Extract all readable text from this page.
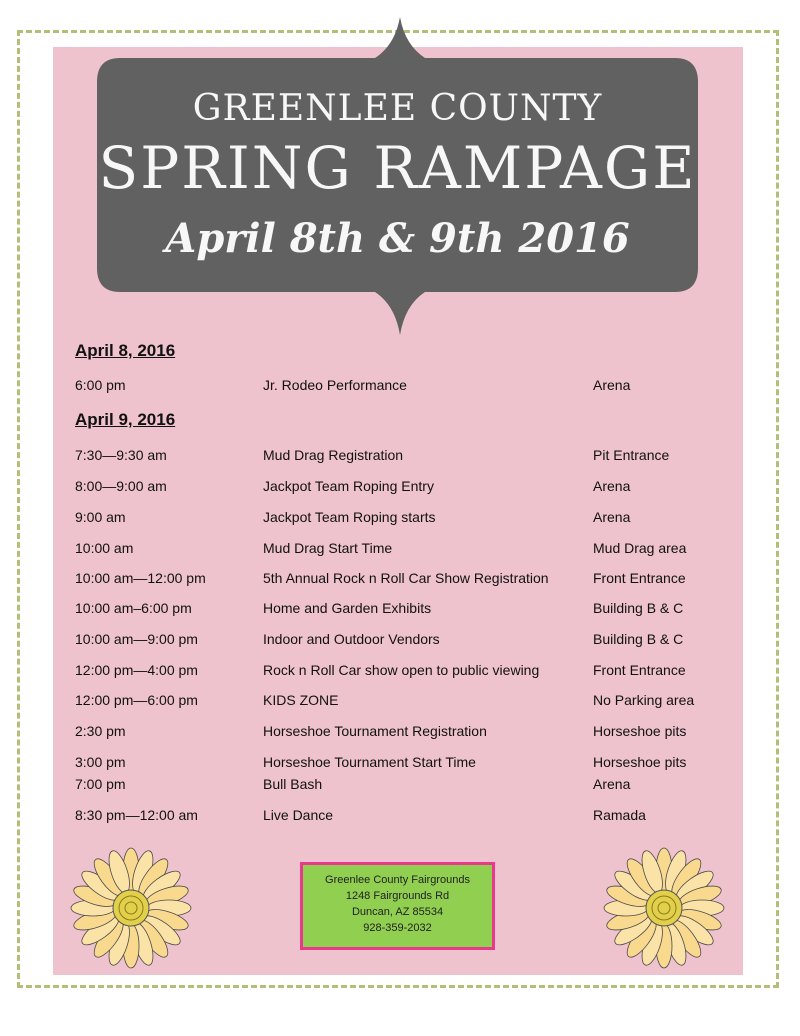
GREENLEE COUNTY
SPRING RAMPAGE
April 8th & 9th 2016
April 8, 2016
6:00 pm	Jr. Rodeo Performance	Arena
April 9, 2016
7:30—9:30 am	Mud Drag Registration	Pit Entrance
8:00—9:00 am	Jackpot Team Roping Entry	Arena
9:00 am	Jackpot Team Roping starts	Arena
10:00 am	Mud Drag Start Time	Mud Drag area
10:00 am—12:00 pm	5th Annual Rock n Roll Car Show Registration	Front Entrance
10:00 am–6:00 pm	Home and Garden Exhibits	Building B & C
10:00 am—9:00 pm	Indoor and Outdoor Vendors	Building B & C
12:00 pm—4:00 pm	Rock n Roll Car show open to public viewing	Front Entrance
12:00 pm—6:00 pm	KIDS ZONE	No Parking area
2:30 pm	Horseshoe Tournament Registration	Horseshoe pits
3:00 pm	Horseshoe Tournament Start Time	Horseshoe pits
7:00 pm	Bull Bash	Arena
8:30 pm—12:00 am	Live Dance	Ramada
Greenlee County Fairgrounds
1248 Fairgrounds Rd
Duncan, AZ 85534
928-359-2032
